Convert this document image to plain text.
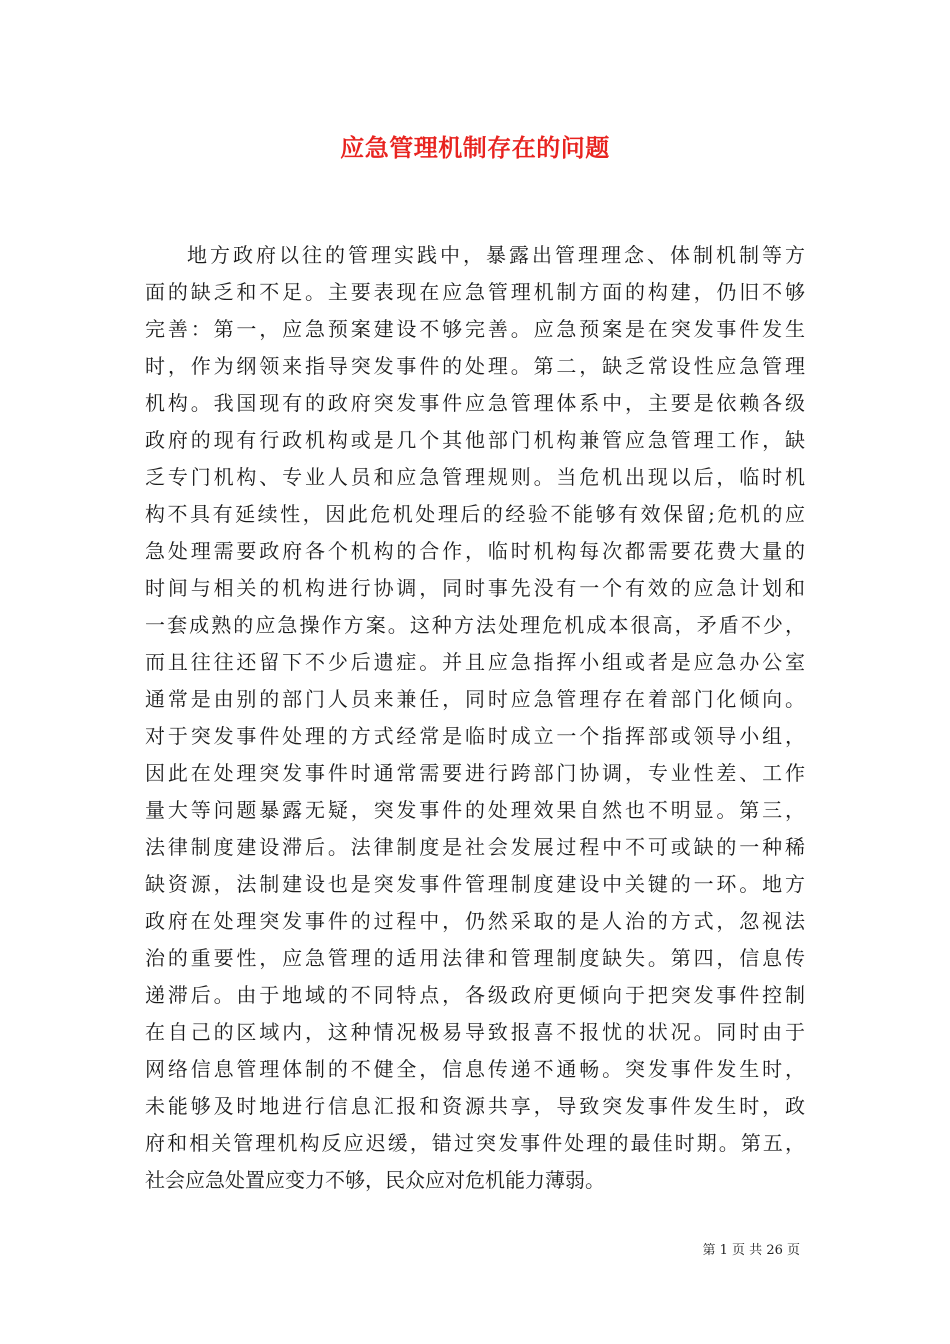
应急管理机制存在的问题
地方政府以往的管理实践中，暴露出管理理念、体制机制等方
面的缺乏和不足。主要表现在应急管理机制方面的构建，仍旧不够
完善：第一，应急预案建设不够完善。应急预案是在突发事件发生
时，作为纲领来指导突发事件的处理。第二，缺乏常设性应急管理
机构。我国现有的政府突发事件应急管理体系中，主要是依赖各级
政府的现有行政机构或是几个其他部门机构兼管应急管理工作，缺
乏专门机构、专业人员和应急管理规则。当危机出现以后，临时机
构不具有延续性，因此危机处理后的经验不能够有效保留;危机的应
急处理需要政府各个机构的合作，临时机构每次都需要花费大量的
时间与相关的机构进行协调，同时事先没有一个有效的应急计划和
一套成熟的应急操作方案。这种方法处理危机成本很高，矛盾不少，
而且往往还留下不少后遗症。并且应急指挥小组或者是应急办公室
通常是由别的部门人员来兼任，同时应急管理存在着部门化倾向。
对于突发事件处理的方式经常是临时成立一个指挥部或领导小组，
因此在处理突发事件时通常需要进行跨部门协调，专业性差、工作
量大等问题暴露无疑，突发事件的处理效果自然也不明显。第三，
法律制度建设滞后。法律制度是社会发展过程中不可或缺的一种稀
缺资源，法制建设也是突发事件管理制度建设中关键的一环。地方
政府在处理突发事件的过程中，仍然采取的是人治的方式，忽视法
治的重要性，应急管理的适用法律和管理制度缺失。第四，信息传
递滞后。由于地域的不同特点，各级政府更倾向于把突发事件控制
在自己的区域内，这种情况极易导致报喜不报忧的状况。同时由于
网络信息管理体制的不健全，信息传递不通畅。突发事件发生时，
未能够及时地进行信息汇报和资源共享，导致突发事件发生时，政
府和相关管理机构反应迟缓，错过突发事件处理的最佳时期。第五，
社会应急处置应变力不够，民众应对危机能力薄弱。
第 1 页 共 26 页
